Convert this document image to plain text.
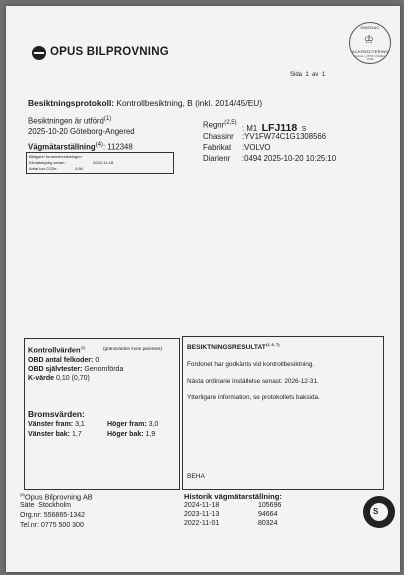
OPUS BILPROVNING
SWEDAC
♔
ACKREDITERING
Ackred. nr 8765 / ISO/IEC 17020
Sida 1 av 1
Besiktningsprotokoll: Kontrollbesiktning, B (inkl. 2014/45/EU)
Besiktningen är utförd$^{(1)}$
2025-10-20 Göteborg-Angered
Vägmätarställning$^{(4)}$: 112348
Bilägare/ fordonsbesiktningen
Klimatskyldig sedan:	2024-11-18
Antal ton CO2e:	0.66
Regnr$^{(2,5)}$
: M1 LFJ118 S
Chassinr :YV1FW74C1G1308566
Fabrikat :VOLVO
Diarienr :0494 2025-10-20 10:25:10
Kontrollvärden$^{(3)}$	(gränsvärden inom parentes)
OBD antal felkoder: 0
OBD självtester: Genomförda
K-värde 0,10 (0,70)
Bromsvärden:
Vänster fram: 3,1	Höger fram: 3,0
Vänster bak: 1,7	Höger bak: 1,9
BESIKTNINGSRESULTAT$^{(1, 6, 7)}$
Fordonet har godkänts vid kontrollbesiktning.
Nästa ordinarie inställelse senast: 2026-12-31.
Ytterligare information, se protokollets baksida.
BEHA
$^{(8)}$Opus Bilprovning AB
Säte Stockholm
Org.nr: 556865-1342
Tel.nr: 0775 500 300
Historik vägmätarställning:
2024-11-18	105696
2023-11-13	94664
2022-11-01	80324
S
